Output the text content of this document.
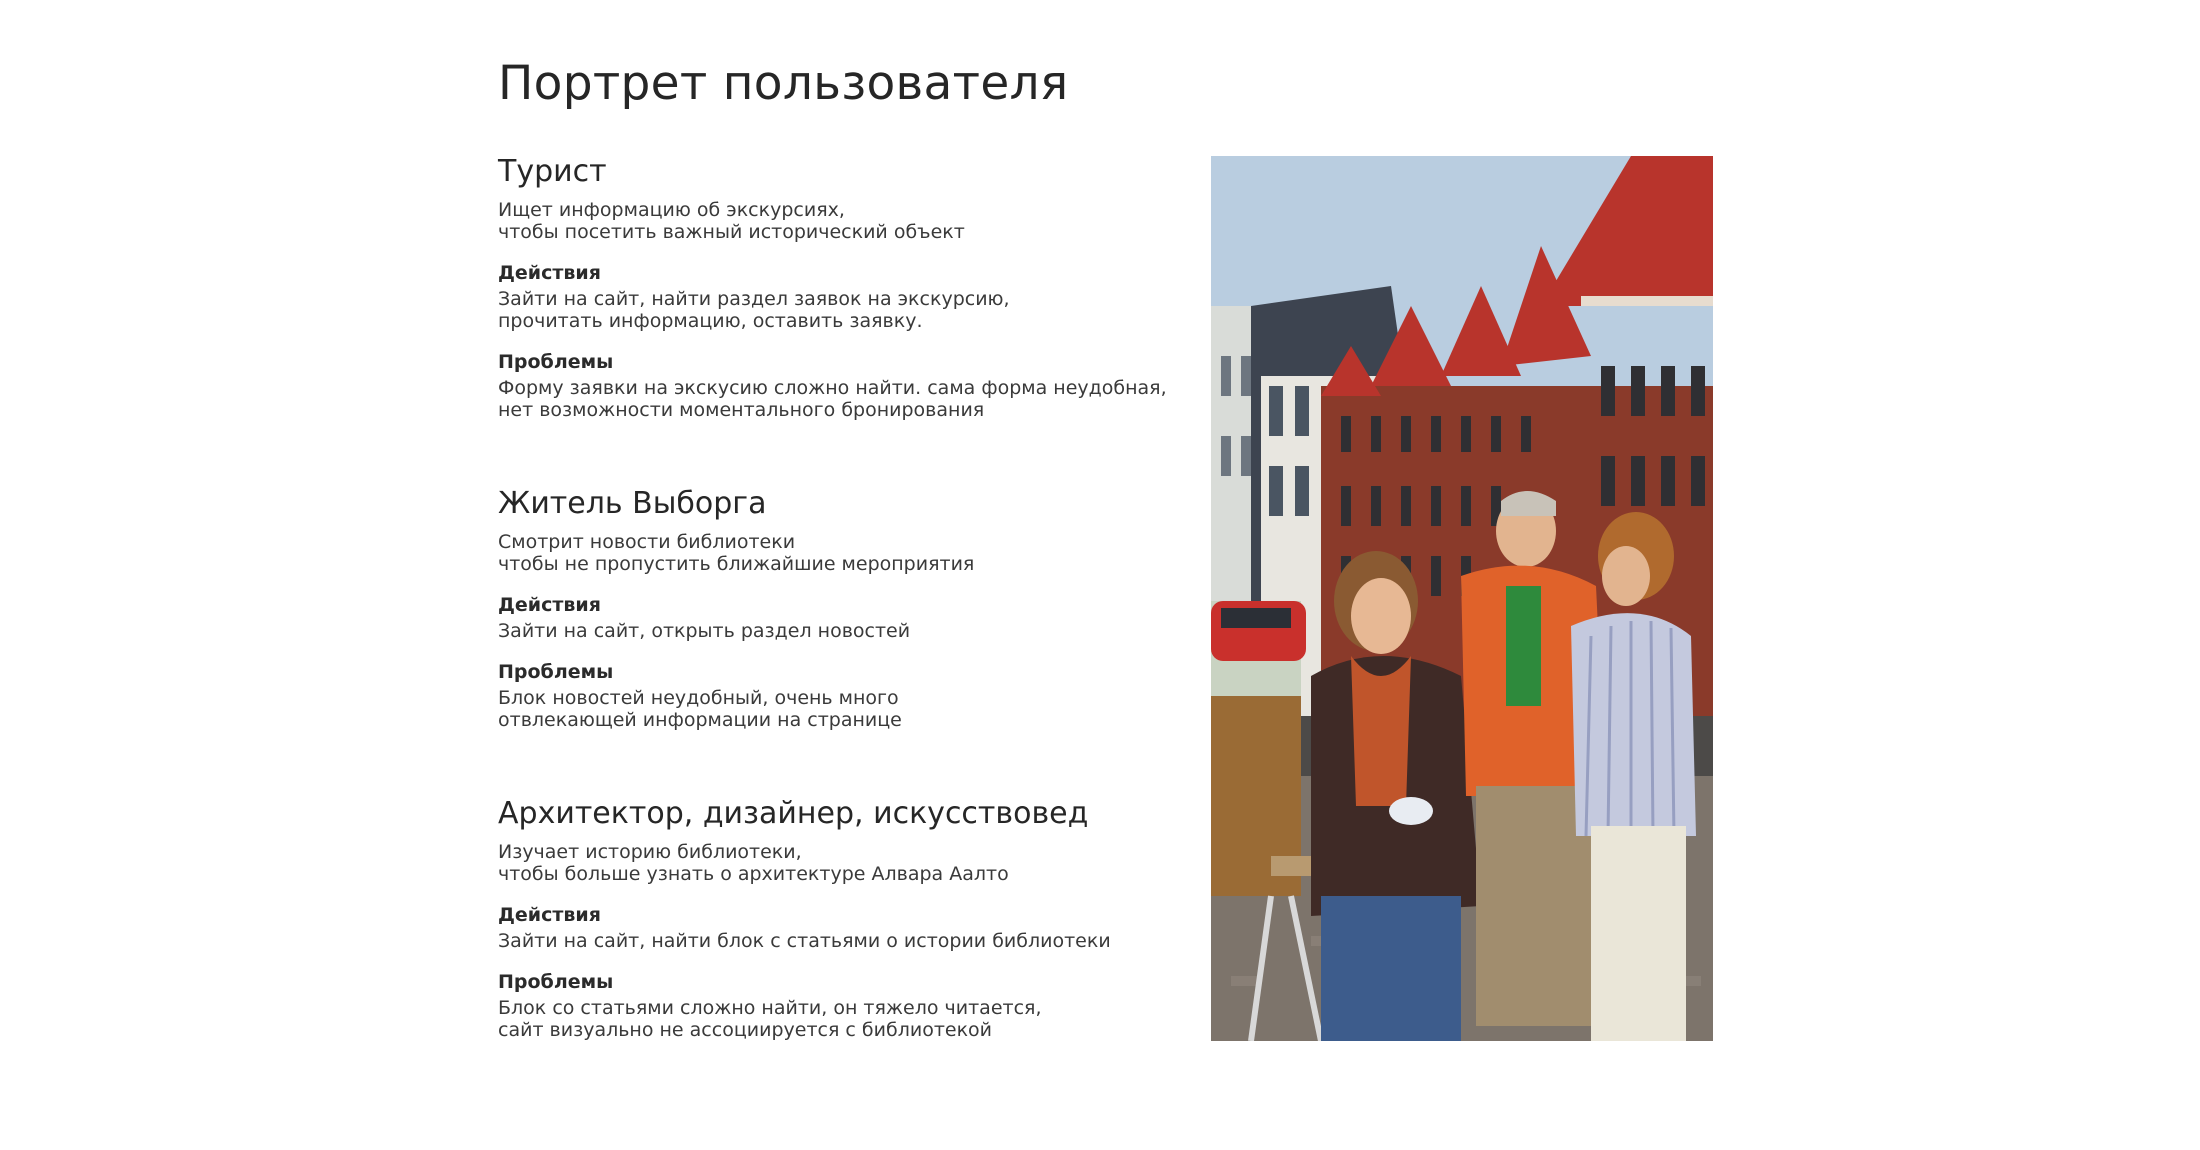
Портрет пользователя
Турист

Ищет информацию об экскурсиях,
чтобы посетить важный исторический объект

Действия

Зайти на сайт, найти раздел заявок на экскурсию,
прочитать информацию, оставить заявку.

Проблемы

Форму заявки на экскусию сложно найти. сама форма неудобная,
нет возможности моментального бронирования

Житель Выборга

Смотрит новости библиотеки
чтобы не пропустить ближайшие мероприятия

Действия

Зайти на сайт, открыть раздел новостей

Проблемы

Блок новостей неудобный, очень много
отвлекающей информации на странице

Архитектор, дизайнер, искусствовед

Изучает историю библиотеки,
чтобы больше узнать о архитектуре Алвара Аалто

Действия

Зайти на сайт, найти блок с статьями о истории библиотеки

Проблемы

Блок со статьями сложно найти, он тяжело читается,
сайт визуально не ассоциируется с библиотекой
